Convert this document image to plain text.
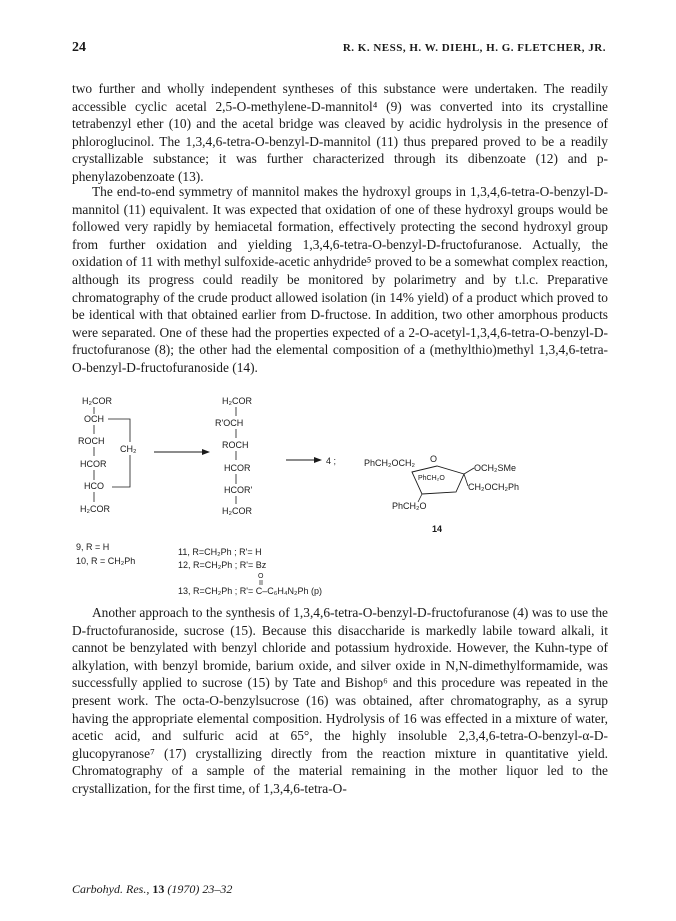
24	R. K. NESS, H. W. DIEHL, H. G. FLETCHER, JR.

two further and wholly independent syntheses of this substance were undertaken. The readily accessible cyclic acetal 2,5-O-methylene-D-mannitol⁴ (9) was converted into its crystalline tetrabenzyl ether (10) and the acetal bridge was cleaved by acidic hydrolysis in the presence of phloroglucinol. The 1,3,4,6-tetra-O-benzyl-D-mannitol (11) thus prepared proved to be a readily crystallizable substance; it was further characterized through its dibenzoate (12) and p-phenylazobenzoate (13).

The end-to-end symmetry of mannitol makes the hydroxyl groups in 1,3,4,6-tetra-O-benzyl-D-mannitol (11) equivalent. It was expected that oxidation of one of these hydroxyl groups would be followed very rapidly by hemiacetal formation, effectively protecting the second hydroxyl group from further oxidation and yielding 1,3,4,6-tetra-O-benzyl-D-fructofuranose. Actually, the oxidation of 11 with methyl sulfoxide-acetic anhydride⁵ proved to be a somewhat complex reaction, although its progress could readily be monitored by polarimetry and by t.l.c. Preparative chromatography of the crude product allowed isolation (in 14% yield) of a product which proved to be identical with that obtained earlier from D-fructose. In addition, two other amorphous products were separated. One of these had the properties expected of a 2-O-acetyl-1,3,4,6-tetra-O-benzyl-D-fructofuranose (8); the other had the elemental composition of a (methylthio)methyl 1,3,4,6-tetra-O-benzyl-D-fructofuranoside (14).

H₂COR
OCH
ROCH
CH₂
HCOR
HCO
H₂COR
H₂COR
R'OCH
ROCH
HCOR
HCOR'
H₂COR
4 ;	PhCH₂OCH₂ O
OCH₂SMe
PhCH₂O
CH₂OCH₂Ph
PhCH₂O
14
9, R = H
10, R = CH₂Ph
11, R=CH₂Ph ; R'= H
12, R=CH₂Ph ; R'= Bz
O
13, R=CH₂Ph ; R'= C–C₆H₄N₂Ph (p)

Another approach to the synthesis of 1,3,4,6-tetra-O-benzyl-D-fructofuranose (4) was to use the D-fructofuranoside, sucrose (15). Because this disaccharide is markedly labile toward alkali, it cannot be benzylated with benzyl chloride and potassium hydroxide. However, the Kuhn-type of alkylation, with benzyl bromide, barium oxide, and silver oxide in N,N-dimethylformamide, was successfully applied to sucrose (15) by Tate and Bishop⁶ and this procedure was repeated in the present work. The octa-O-benzylsucrose (16) was obtained, after chromatography, as a syrup having the appropriate elemental composition. Hydrolysis of 16 was effected in a mixture of water, acetic acid, and sulfuric acid at 65°, the highly insoluble 2,3,4,6-tetra-O-benzyl-α-D-glucopyranose⁷ (17) crystallizing directly from the reaction mixture in quantitative yield. Chromatography of a sample of the material remaining in the mother liquor led to the crystallization, for the first time, of 1,3,4,6-tetra-O-

Carbohyd. Res., 13 (1970) 23–32
